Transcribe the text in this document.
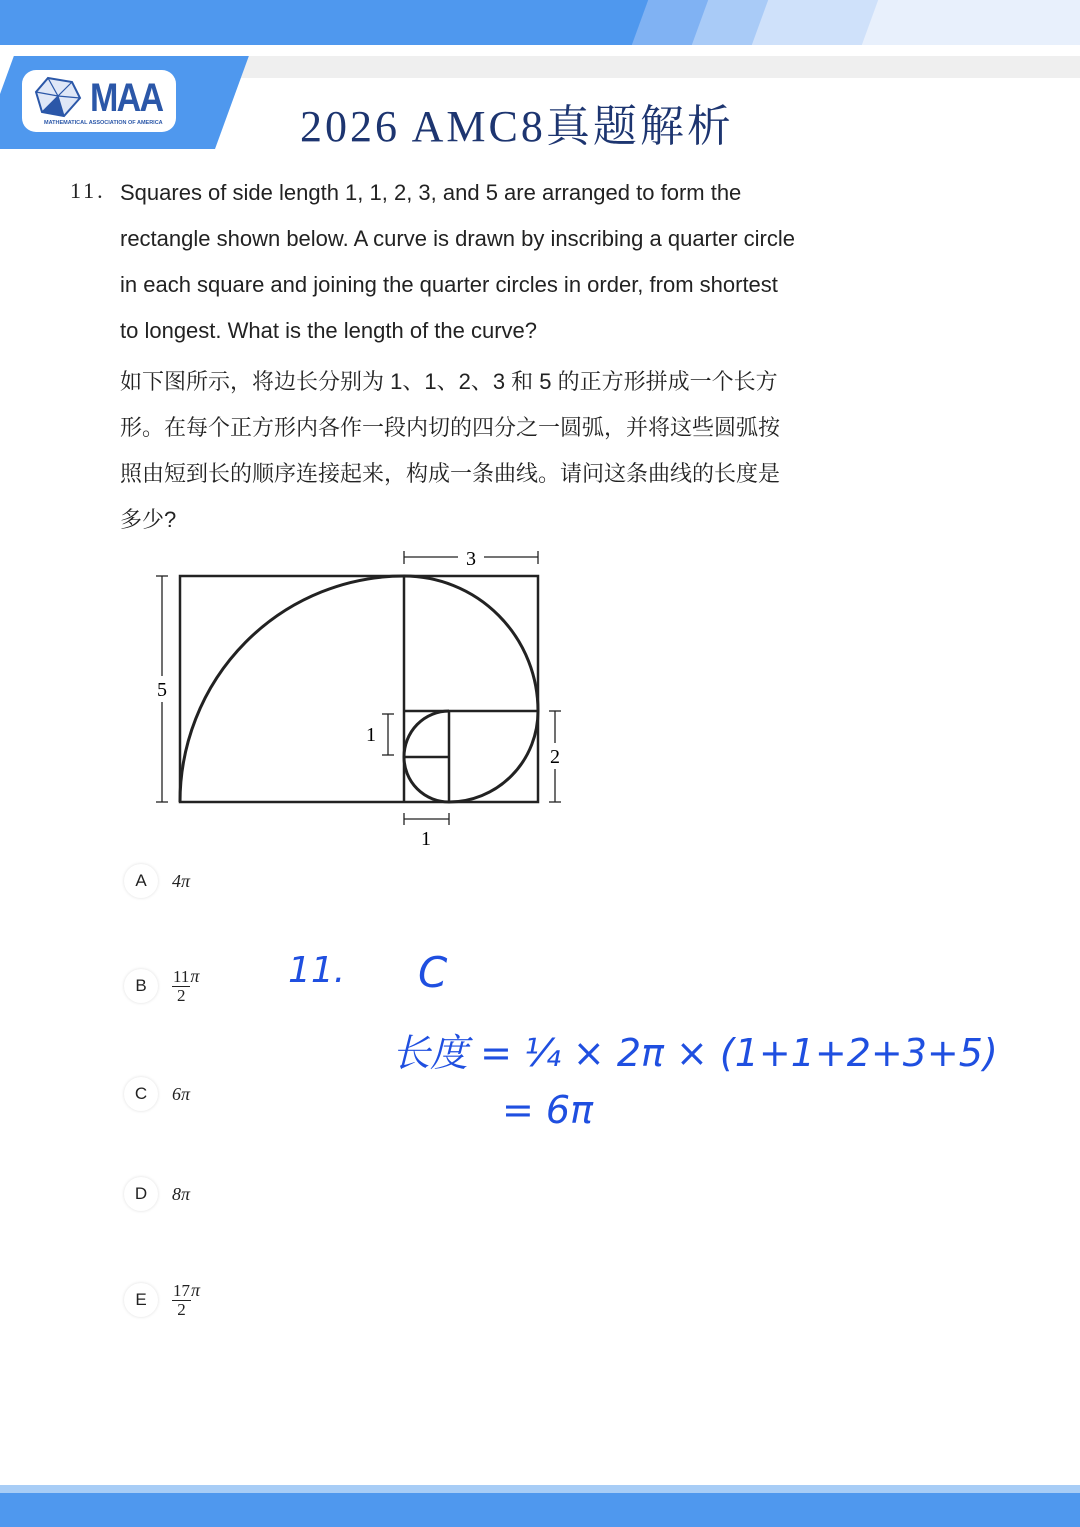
MAA
MATHEMATICAL ASSOCIATION OF AMERICA	2026 AMC8真题解析
11. Squares of side length 1, 1, 2, 3, and 5 are arranged to form the
rectangle shown below. A curve is drawn by inscribing a quarter circle
in each square and joining the quarter circles in order, from shortest
to longest. What is the length of the curve?
如下图所示，将边长分别为 1、1、2、3 和 5 的正方形拼成一个长方
形。在每个正方形内各作一段内切的四分之一圆弧，并将这些圆弧按
照由短到长的顺序连接起来，构成一条曲线。请问这条曲线的长度是
多少?
3
5
1
2
1
A	4π
B	$\frac{11}{2}$ π
C	6π
D	8π
E	$\frac{17}{2}$ π
11. C
长度 = ¼ × 2π × (1+1+2+3+5)
= 6π
